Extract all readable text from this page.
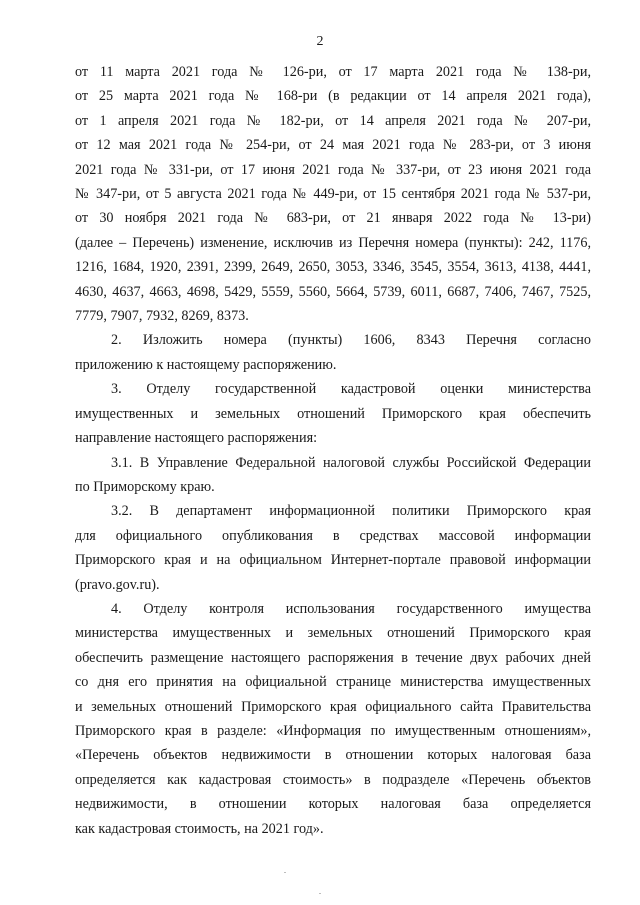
2

от 11 марта 2021 года № 126-ри, от 17 марта 2021 года № 138-ри,
от 25 марта 2021 года № 168-ри (в редакции от 14 апреля 2021 года),
от 1 апреля 2021 года № 182-ри, от 14 апреля 2021 года № 207-ри,
от 12 мая 2021 года № 254-ри, от 24 мая 2021 года № 283-ри, от 3 июня
2021 года № 331-ри, от 17 июня 2021 года № 337-ри, от 23 июня 2021 года
№ 347-ри, от 5 августа 2021 года № 449-ри, от 15 сентября 2021 года № 537-ри,
от 30 ноября 2021 года № 683-ри, от 21 января 2022 года № 13-ри)
(далее – Перечень) изменение, исключив из Перечня номера (пункты): 242, 1176,
1216, 1684, 1920, 2391, 2399, 2649, 2650, 3053, 3346, 3545, 3554, 3613, 4138, 4441,
4630, 4637, 4663, 4698, 5429, 5559, 5560, 5664, 5739, 6011, 6687, 7406, 7467, 7525,
7779, 7907, 7932, 8269, 8373.

2. Изложить номера (пункты) 1606, 8343 Перечня согласно
приложению к настоящему распоряжению.

3. Отделу государственной кадастровой оценки министерства
имущественных и земельных отношений Приморского края обеспечить
направление настоящего распоряжения:

3.1. В Управление Федеральной налоговой службы Российской Федерации
по Приморскому краю.

3.2. В департамент информационной политики Приморского края
для официального опубликования в средствах массовой информации
Приморского края и на официальном Интернет-портале правовой информации
(pravo.gov.ru).

4. Отделу контроля использования государственного имущества
министерства имущественных и земельных отношений Приморского края
обеспечить размещение настоящего распоряжения в течение двух рабочих дней
со дня его принятия на официальной странице министерства имущественных
и земельных отношений Приморского края официального сайта Правительства
Приморского края в разделе: «Информация по имущественным отношениям»,
«Перечень объектов недвижимости в отношении которых налоговая база
определяется как кадастровая стоимость» в подразделе «Перечень объектов
недвижимости, в отношении которых налоговая база определяется
как кадастровая стоимость, на 2021 год».
